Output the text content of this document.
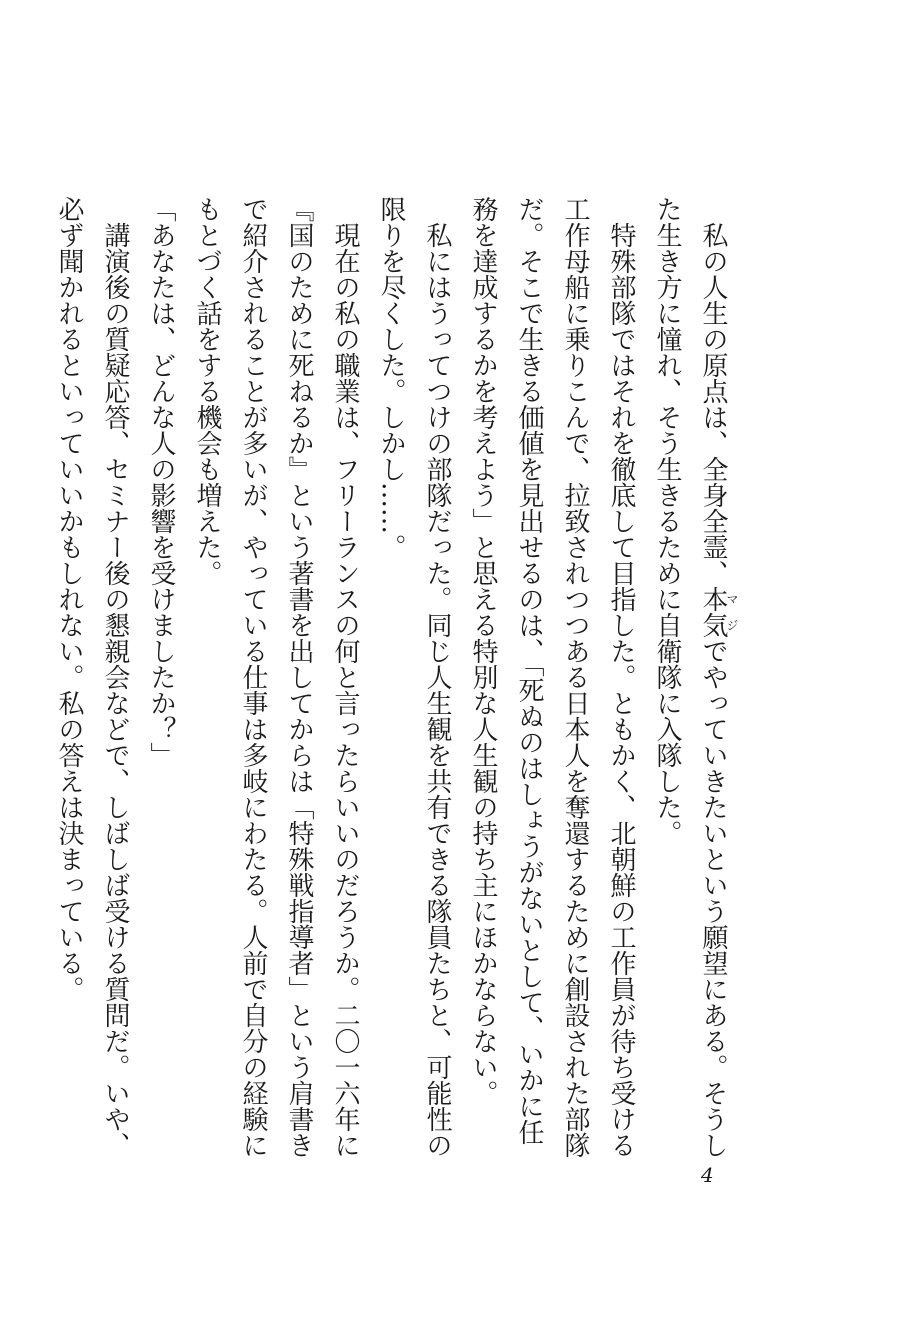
私の人生の原点は、全身全霊、本気マジでやっていきたいという願望にある。そうした生き方に憧れ、そう生きるために自衛隊に入隊した。

特殊部隊ではそれを徹底して目指した。ともかく、北朝鮮の工作員が待ち受ける工作母船に乗りこんで、拉致されつつある日本人を奪還するために創設された部隊だ。そこで生きる価値を見出せるのは、「死ぬのはしょうがないとして、いかに任務を達成するかを考えよう」と思える特別な人生観の持ち主にほかならない。

私にはうってつけの部隊だった。同じ人生観を共有できる隊員たちと、可能性の限りを尽くした。しかし……。

現在の私の職業は、フリーランスの何と言ったらいいのだろうか。二〇一六年に『国のために死ねるか』という著書を出してからは「特殊戦指導者」という肩書きで紹介されることが多いが、やっている仕事は多岐にわたる。人前で自分の経験にもとづく話をする機会も増えた。

「あなたは、どんな人の影響を受けましたか？」

講演後の質疑応答、セミナー後の懇親会などで、しばしば受ける質問だ。いや、必ず聞かれるといっていいかもしれない。私の答えは決まっている。

4
